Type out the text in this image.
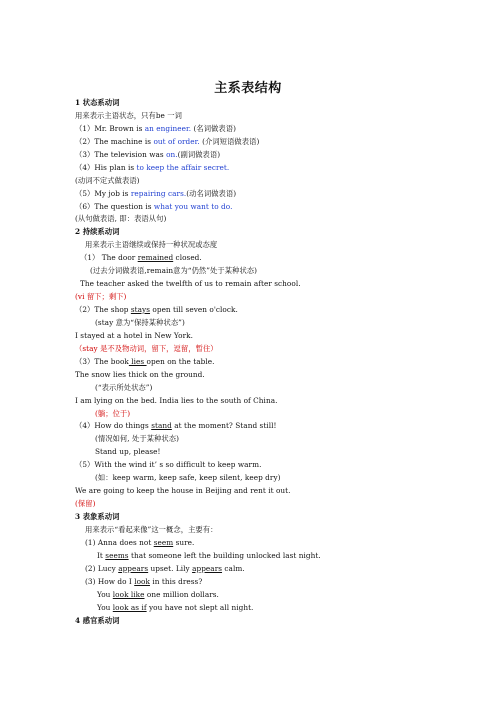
主系表结构
1 状态系动词
用来表示主语状态，只有be 一词
（1）Mr. Brown is an engineer. (名词做表语)
（2）The machine is out of order. (介词短语做表语)
（3）The television was on.(副词做表语)
（4）His plan is to keep the affair secret.
(动词不定式做表语)
（5）My job is repairing cars.(动名词做表语)
（6）The question is what you want to do.
(从句做表语, 即：表语从句)
2 持续系动词
用来表示主语继续或保持一种状况或态度
（1） The door remained closed.
(过去分词做表语,remain意为“仍然”处于某种状态)
The teacher asked the twelfth of us to remain after school.
(vi 留下；剩下)
（2）The shop stays open till seven o'clock.
(stay 意为“保持某种状态”)
I stayed at a hotel in New York.
（stay 是不及物动词，留下，逗留，暂住）
（3）The book lies open on the table.
The snow lies thick on the ground.
(“表示所处状态”)
I am lying on the bed. India lies to the south of China.
(躺；位于)
（4）How do things stand at the moment? Stand still!
(情况如何, 处于某种状态)
Stand up, please!
（5）With the wind it’ s so difficult to keep warm.
(如：keep warm, keep safe, keep silent, keep dry)
We are going to keep the house in Beijing and rent it out.
(保留)
3 表象系动词
用来表示“看起来像”这一概念，主要有：
(1) Anna does not seem sure.
It seems that someone left the building unlocked last night.
(2) Lucy appears upset. Lily appears calm.
(3) How do I look in this dress?
You look like one million dollars.
You look as if you have not slept all night.
4 感官系动词
